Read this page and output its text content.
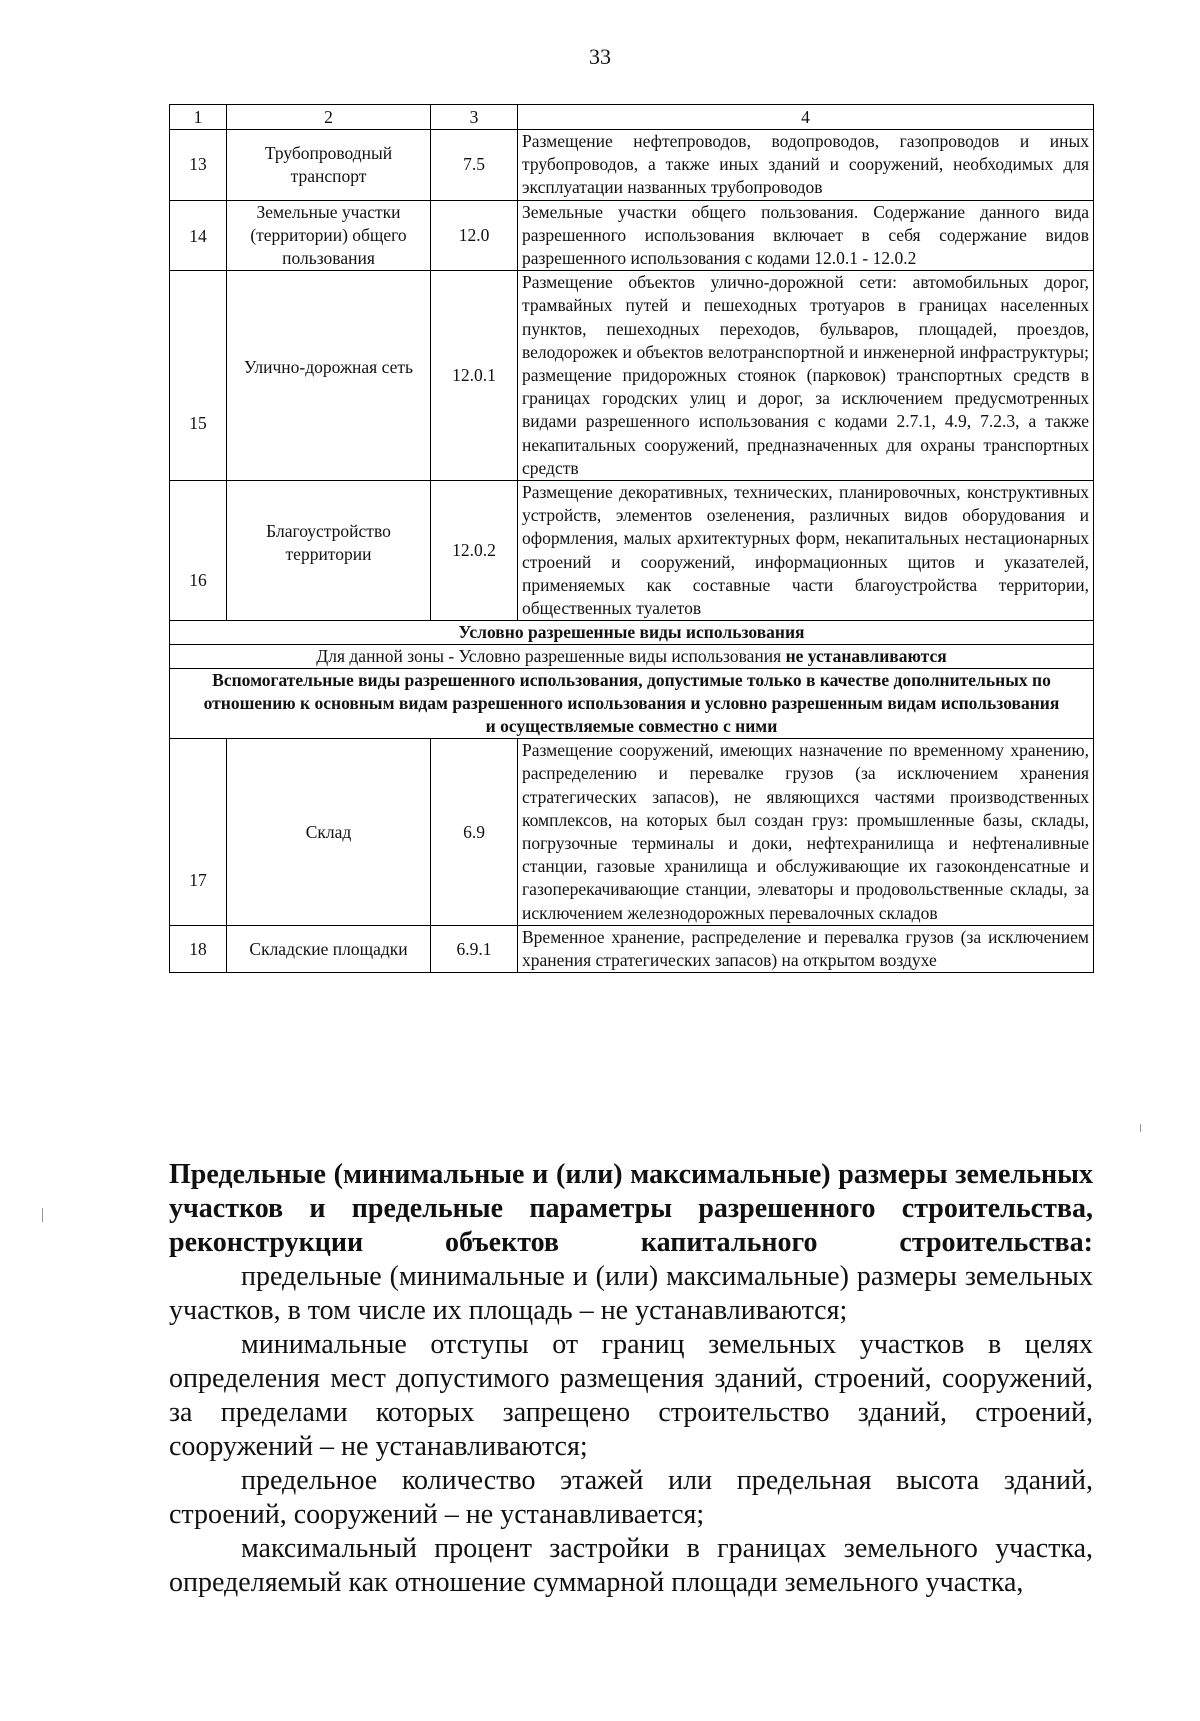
33
1	2	3	4
13	Трубопроводный транспорт	7.5	Размещение нефтепроводов, водопроводов, газопроводов и иных трубопроводов, а также иных зданий и сооружений, необходимых для эксплуатации названных трубопроводов
14	Земельные участки (территории) общего пользования	12.0	Земельные участки общего пользования. Содержание данного вида разрешенного использования включает в себя содержание видов разрешенного использования с кодами 12.0.1 - 12.0.2
15	Улично-дорожная сеть	12.0.1	Размещение объектов улично-дорожной сети: автомобильных дорог, трамвайных путей и пешеходных тротуаров в границах населенных пунктов, пешеходных переходов, бульваров, площадей, проездов, велодорожек и объектов велотранспортной и инженерной инфраструктуры; размещение придорожных стоянок (парковок) транспортных средств в границах городских улиц и дорог, за исключением предусмотренных видами разрешенного использования с кодами 2.7.1, 4.9, 7.2.3, а также некапитальных сооружений, предназначенных для охраны транспортных средств
16	Благоустройство территории	12.0.2	Размещение декоративных, технических, планировочных, конструктивных устройств, элементов озеленения, различных видов оборудования и оформления, малых архитектурных форм, некапитальных нестационарных строений и сооружений, информационных щитов и указателей, применяемых как составные части благоустройства территории, общественных туалетов
Условно разрешенные виды использования			
Для данной зоны - Условно разрешенные виды использования не устанавливаются			
Вспомогательные виды разрешенного использования, допустимые только в качестве дополнительных по отношению к основным видам разрешенного использования и условно разрешенным видам использования и осуществляемые совместно с ними			
17	Склад	6.9	Размещение сооружений, имеющих назначение по временному хранению, распределению и перевалке грузов (за исключением хранения стратегических запасов), не являющихся частями производственных комплексов, на которых был создан груз: промышленные базы, склады, погрузочные терминалы и доки, нефтехранилища и нефтеналивные станции, газовые хранилища и обслуживающие их газоконденсатные и газоперекачивающие станции, элеваторы и продовольственные склады, за исключением железнодорожных перевалочных складов
18	Складские площадки	6.9.1	Временное хранение, распределение и перевалка грузов (за исключением хранения стратегических запасов) на открытом воздухе

Предельные (минимальные и (или) максимальные) размеры земельных участков и предельные параметры разрешенного строительства, реконструкции объектов капитального строительства:

предельные (минимальные и (или) максимальные) размеры земельных участков, в том числе их площадь – не устанавливаются;

минимальные отступы от границ земельных участков в целях определения мест допустимого размещения зданий, строений, сооружений, за пределами которых запрещено строительство зданий, строений, сооружений – не устанавливаются;

предельное количество этажей или предельная высота зданий, строений, сооружений – не устанавливается;

максимальный процент застройки в границах земельного участка, определяемый как отношение суммарной площади земельного участка,
